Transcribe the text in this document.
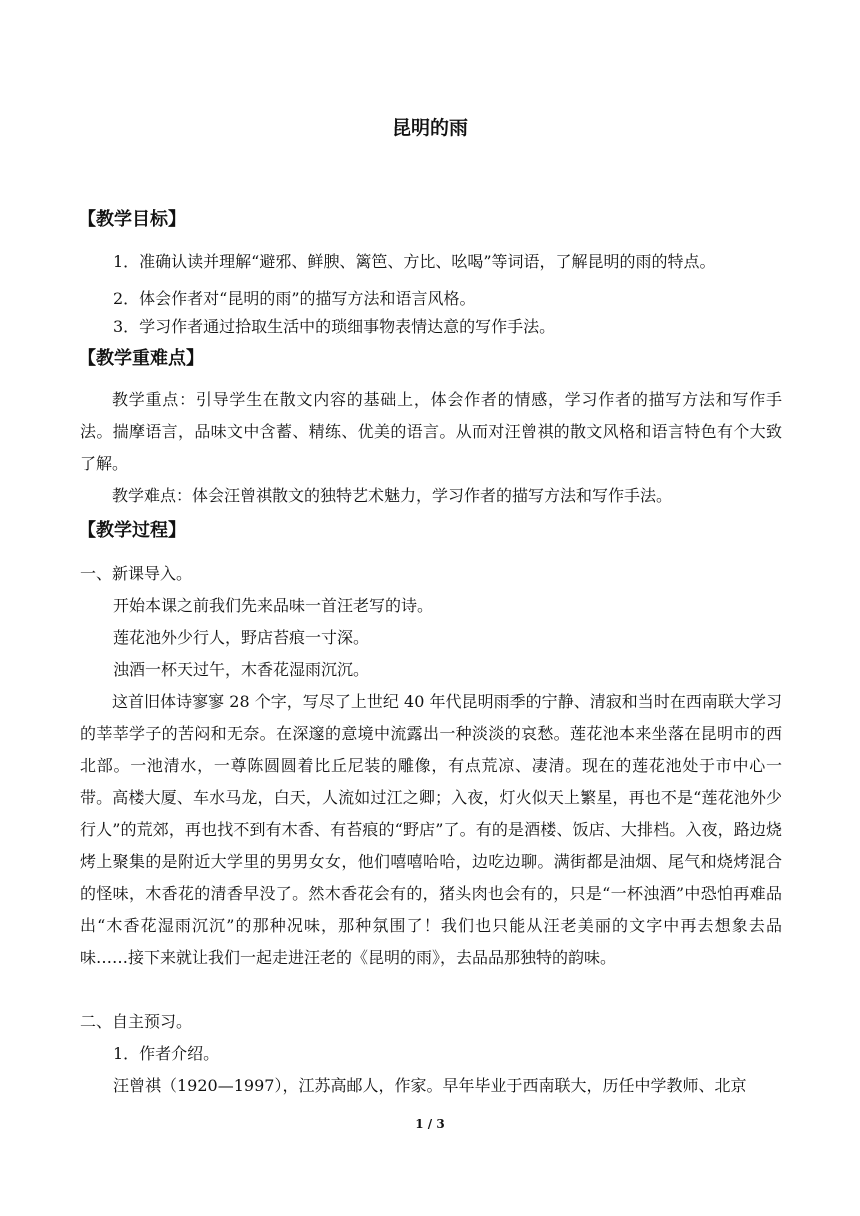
昆明的雨
【教学目标】

1．准确认读并理解“避邪、鲜腴、篱笆、方比、吆喝”等词语，了解昆明的雨的特点。

2．体会作者对“昆明的雨”的描写方法和语言风格。

3．学习作者通过拾取生活中的琐细事物表情达意的写作手法。

【教学重难点】

教学重点：引导学生在散文内容的基础上，体会作者的情感，学习作者的描写方法和写作手法。揣摩语言，品味文中含蓄、精练、优美的语言。从而对汪曾祺的散文风格和语言特色有个大致了解。

教学难点：体会汪曾祺散文的独特艺术魅力，学习作者的描写方法和写作手法。

【教学过程】

一、新课导入。

开始本课之前我们先来品味一首汪老写的诗。

莲花池外少行人，野店苔痕一寸深。

浊酒一杯天过午，木香花湿雨沉沉。

这首旧体诗寥寥 28 个字，写尽了上世纪 40 年代昆明雨季的宁静、清寂和当时在西南联大学习的莘莘学子的苦闷和无奈。在深邃的意境中流露出一种淡淡的哀愁。莲花池本来坐落在昆明市的西北部。一池清水，一尊陈圆圆着比丘尼装的雕像，有点荒凉、凄清。现在的莲花池处于市中心一带。高楼大厦、车水马龙，白天，人流如过江之卿；入夜，灯火似天上繁星，再也不是“莲花池外少行人”的荒郊，再也找不到有木香、有苔痕的“野店”了。有的是酒楼、饭店、大排档。入夜，路边烧烤上聚集的是附近大学里的男男女女，他们嘻嘻哈哈，边吃边聊。满街都是油烟、尾气和烧烤混合的怪味，木香花的清香早没了。然木香花会有的，猪头肉也会有的，只是“一杯浊酒”中恐怕再难品出“木香花湿雨沉沉”的那种况味，那种氛围了！我们也只能从汪老美丽的文字中再去想象去品味……接下来就让我们一起走进汪老的《昆明的雨》，去品品那独特的韵味。

二、自主预习。

1．作者介绍。

汪曾祺（1920—1997），江苏高邮人，作家。早年毕业于西南联大，历任中学教师、北京

1 / 3
